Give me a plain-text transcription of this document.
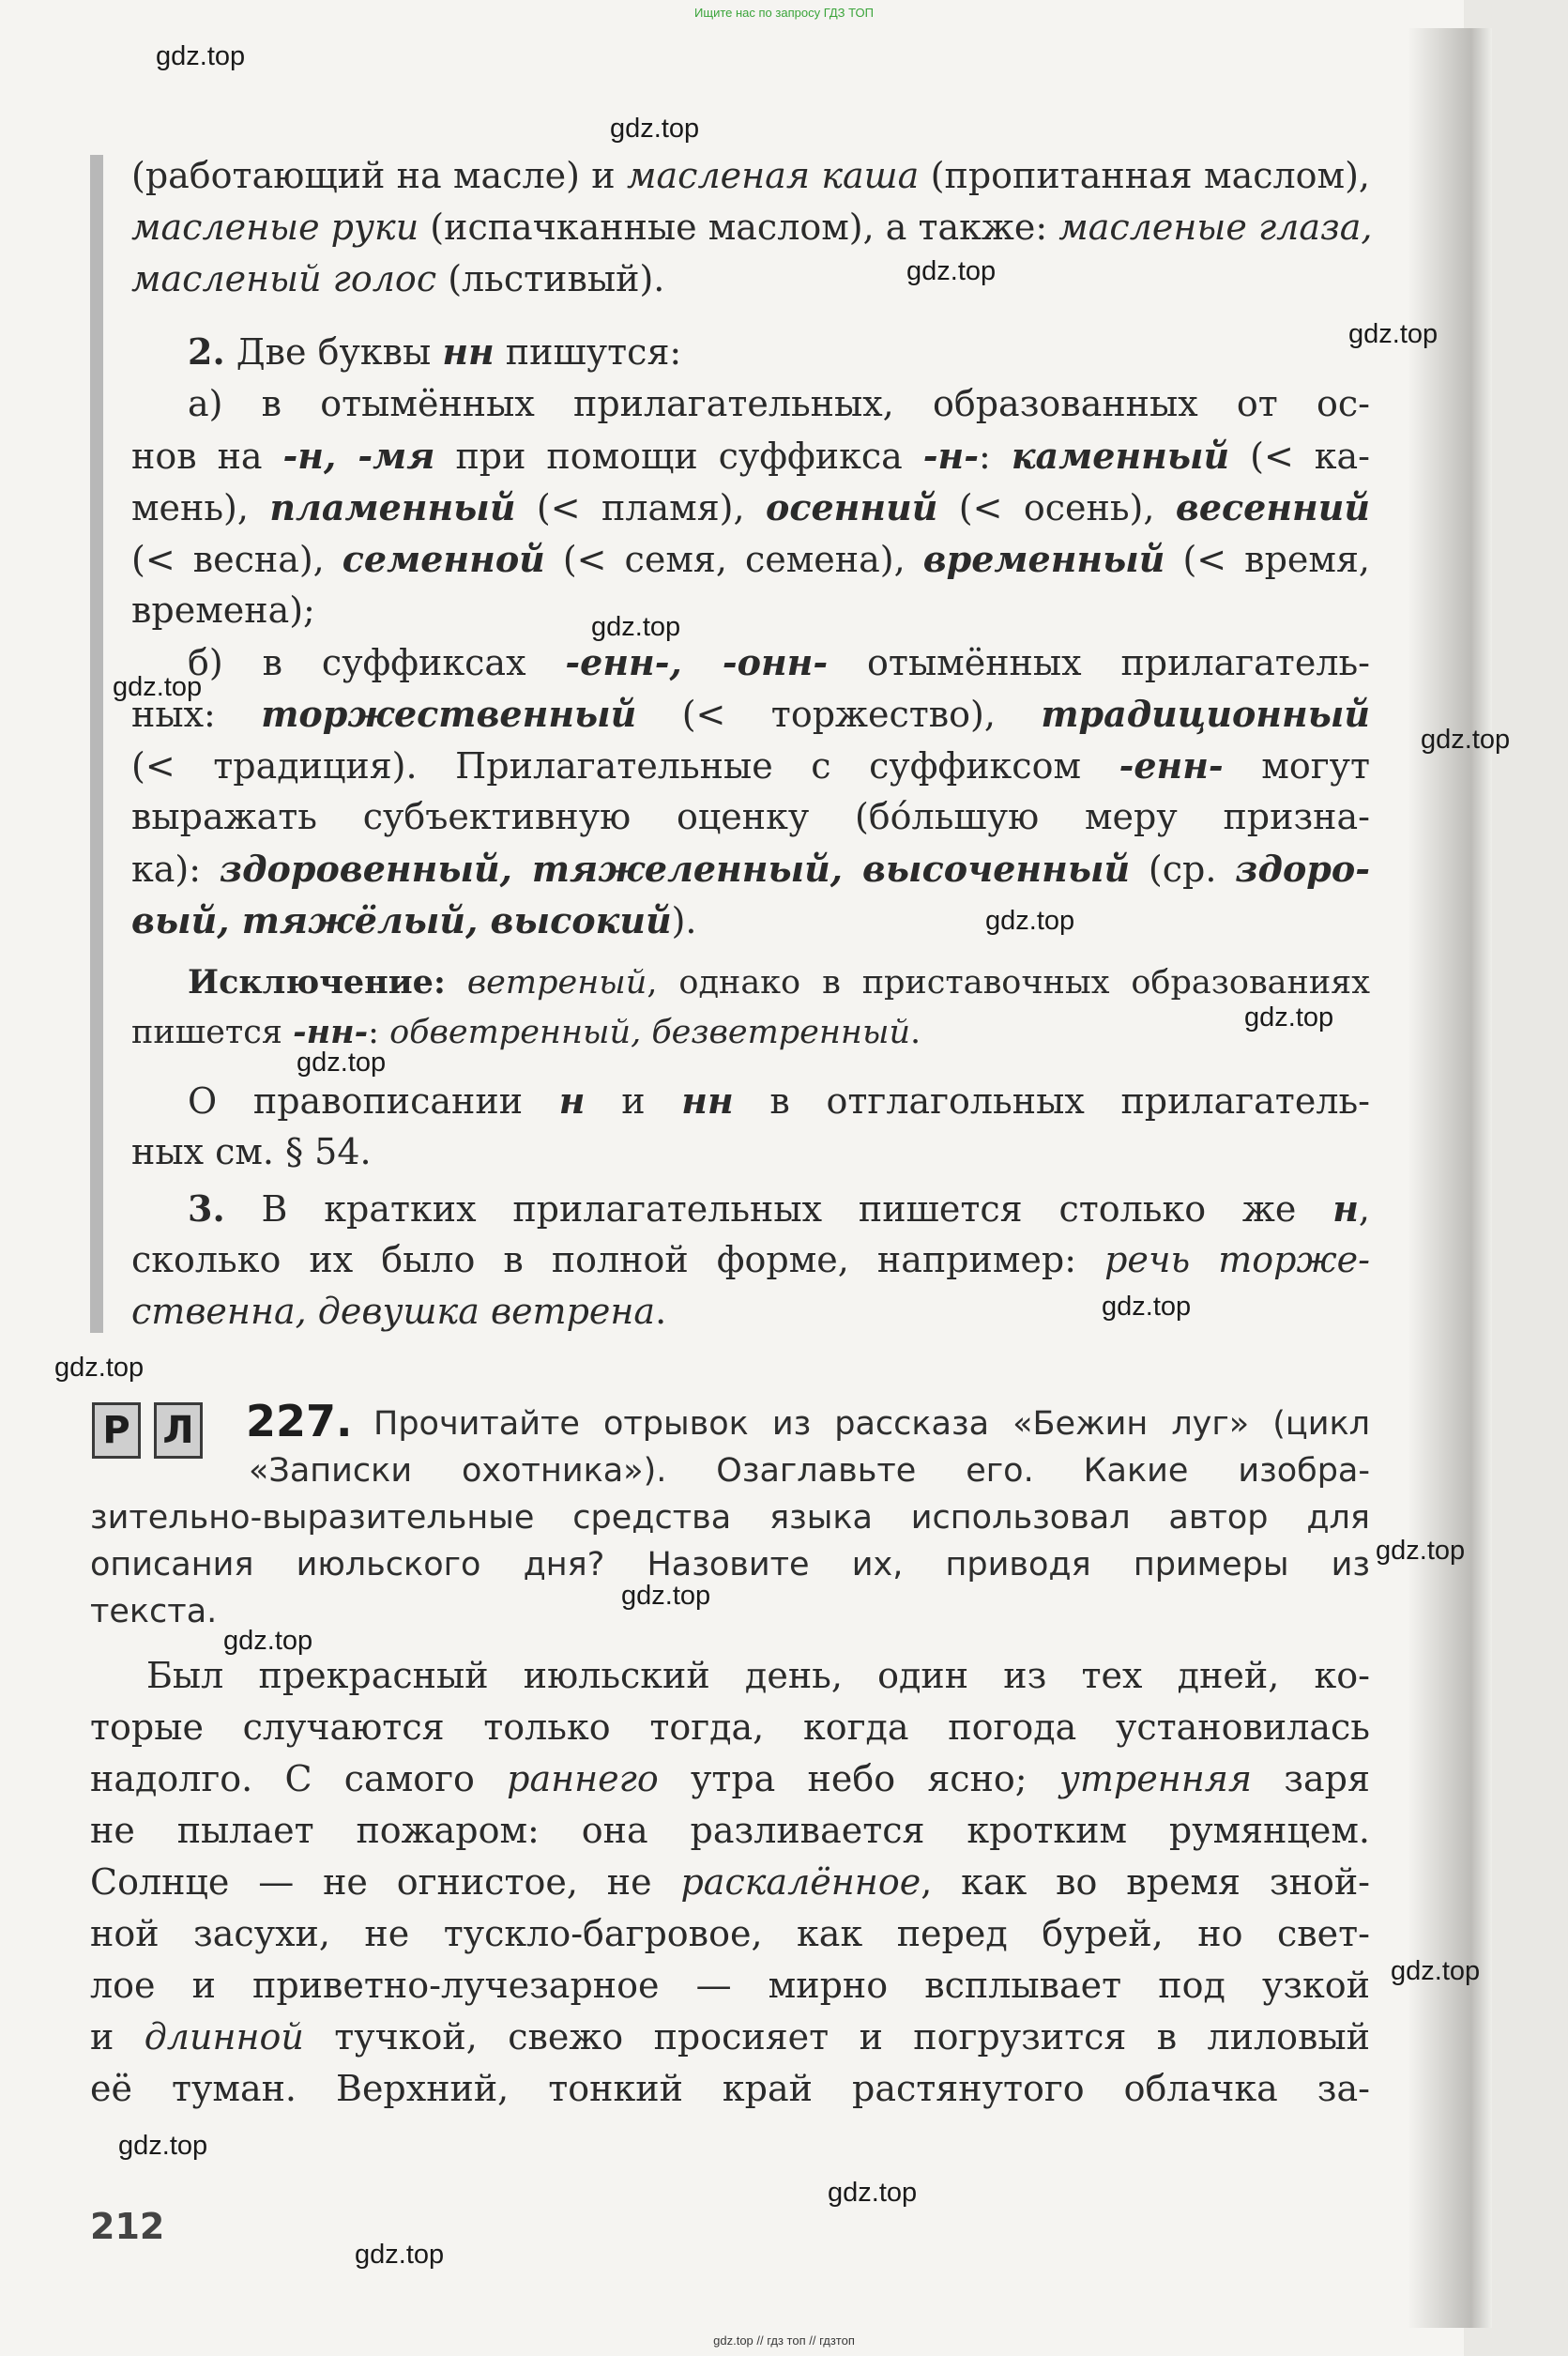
Ищите нас по запросу ГДЗ ТОП
gdz.top
gdz.top
gdz.top
gdz.top
gdz.top
gdz.top
gdz.top
gdz.top
gdz.top
gdz.top
gdz.top
gdz.top
gdz.top
gdz.top
gdz.top
gdz.top
gdz.top
gdz.top
gdz.top
(работающий на масле) и масленая каша (пропитанная маслом),
масленые руки (испачканные маслом), а также: масленые глаза,
масленый голос (льстивый).
2. Две буквы нн пишутся:
а) в отымённых прилагательных, образованных от ос-
нов на -н, -мя при помощи суффикса -н-: каменный (< ка-
мень), пламенный (< пламя), осенний (< осень), весенний
(< весна), семенной (< семя, семена), временный (< время,
времена);
б) в суффиксах -енн-, -онн- отымённых прилагатель-
ных: торжественный (< торжество), традиционный
(< традиция). Прилагательные с суффиксом -енн- могут
выражать субъективную оценку (бóльшую меру призна-
ка): здоровенный, тяжеленный, высоченный (ср. здоро-
вый, тяжёлый, высокий).
Исключение: ветреный, однако в приставочных образованиях
пишется -нн-: обветренный, безветренный.
О правописании н и нн в отглагольных прилагатель-
ных см. § 54.
3. В кратких прилагательных пишется столько же н,
сколько их было в полной форме, например: речь торже-
ственна, девушка ветрена.
Р Л 227. Прочитайте отрывок из рассказа «Бежин луг» (цикл
«Записки охотника»). Озаглавьте его. Какие изобра-
зительно-выразительные средства языка использовал автор для
описания июльского дня? Назовите их, приводя примеры из
текста.
Был прекрасный июльский день, один из тех дней, ко-
торые случаются только тогда, когда погода установилась
надолго. С самого раннего утра небо ясно; утренняя заря
не пылает пожаром: она разливается кротким румянцем.
Солнце — не огнистое, не раскалённое, как во время зной-
ной засухи, не тускло-багровое, как перед бурей, но свет-
лое и приветно-лучезарное — мирно всплывает под узкой
и длинной тучкой, свежо просияет и погрузится в лиловый
её туман. Верхний, тонкий край растянутого облачка за-
212
gdz.top // гдз топ // гдзтоп
